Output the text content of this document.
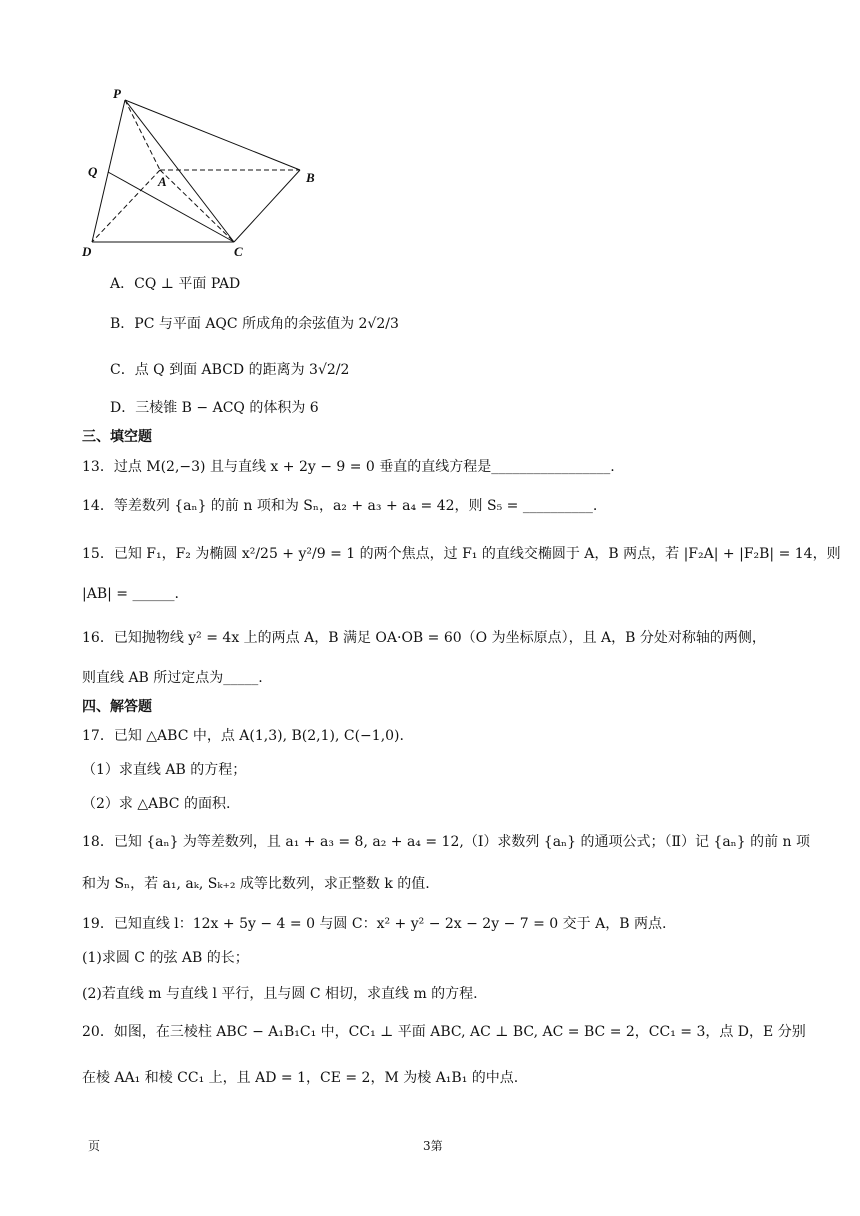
P
Q
A	B
D	C
A．CQ ⊥ 平面 PAD
B．PC 与平面 AQC 所成角的余弦值为 2√2/3
C．点 Q 到面 ABCD 的距离为 3√2/2
D．三棱锥 B − ACQ 的体积为 6
三、填空题
13．过点 M(2,−3) 且与直线 x + 2y − 9 = 0 垂直的直线方程是_________________.
14．等差数列 {aₙ} 的前 n 项和为 Sₙ，a₂ + a₃ + a₄ = 42，则 S₅ = __________.
15．已知 F₁，F₂ 为椭圆 x²/25 + y²/9 = 1 的两个焦点，过 F₁ 的直线交椭圆于 A，B 两点，若 |F₂A| + |F₂B| = 14，则
|AB| = ______.
16．已知抛物线 y² = 4x 上的两点 A，B 满足 OA·OB = 60（O 为坐标原点），且 A，B 分处对称轴的两侧，
则直线 AB 所过定点为_____.
四、解答题
17．已知 △ABC 中，点 A(1,3), B(2,1), C(−1,0).
（1）求直线 AB 的方程；
（2）求 △ABC 的面积.
18．已知 {aₙ} 为等差数列，且 a₁ + a₃ = 8, a₂ + a₄ = 12,（Ⅰ）求数列 {aₙ} 的通项公式；（Ⅱ）记 {aₙ} 的前 n 项
和为 Sₙ，若 a₁, aₖ, Sₖ₊₂ 成等比数列，求正整数 k 的值.
19．已知直线 l：12x + 5y − 4 = 0 与圆 C：x² + y² − 2x − 2y − 7 = 0 交于 A，B 两点.
(1)求圆 C 的弦 AB 的长；
(2)若直线 m 与直线 l 平行，且与圆 C 相切，求直线 m 的方程.
20．如图，在三棱柱 ABC − A₁B₁C₁ 中，CC₁ ⊥ 平面 ABC, AC ⊥ BC, AC = BC = 2，CC₁ = 3，点 D，E 分别
在棱 AA₁ 和棱 CC₁ 上，且 AD = 1，CE = 2，M 为棱 A₁B₁ 的中点.
页	3第
